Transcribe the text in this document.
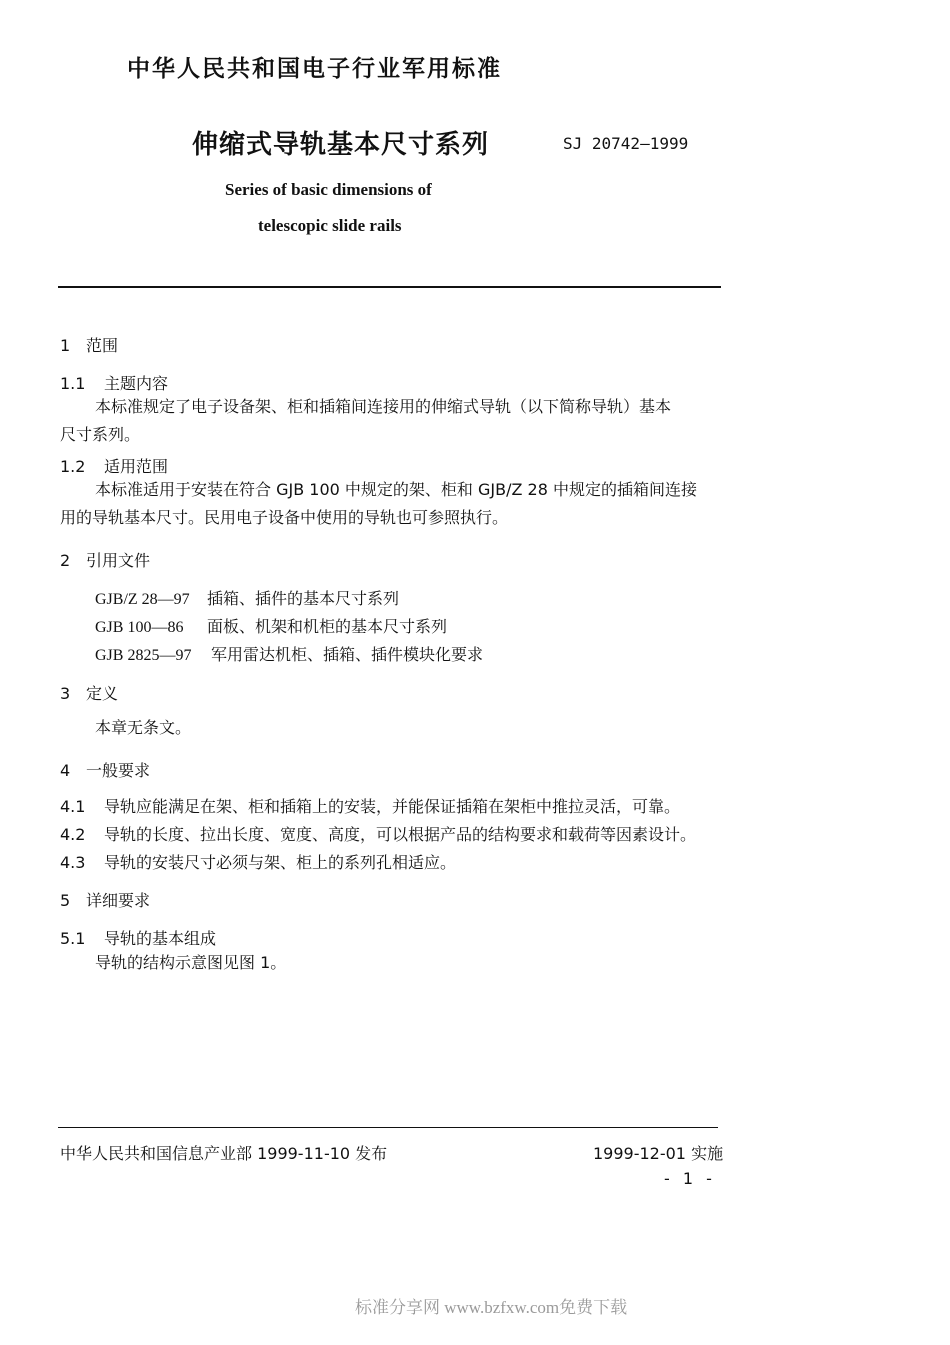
中华人民共和国电子行业军用标准
伸缩式导轨基本尺寸系列	SJ 20742—1999
Series of basic dimensions of
telescopic slide rails
1 范围
1.1 主题内容
本标准规定了电子设备架、柜和插箱间连接用的伸缩式导轨（以下简称导轨）基本
尺寸系列。
1.2 适用范围
本标准适用于安装在符合 GJB 100 中规定的架、柜和 GJB/Z 28 中规定的插箱间连接
用的导轨基本尺寸。民用电子设备中使用的导轨也可参照执行。
2 引用文件
GJB/Z 28—97 插箱、插件的基本尺寸系列
GJB 100—86 面板、机架和机柜的基本尺寸系列
GJB 2825—97 军用雷达机柜、插箱、插件模块化要求
3 定义
本章无条文。
4 一般要求
4.1 导轨应能满足在架、柜和插箱上的安装，并能保证插箱在架柜中推拉灵活，可靠。
4.2 导轨的长度、拉出长度、宽度、高度，可以根据产品的结构要求和载荷等因素设计。
4.3 导轨的安装尺寸必须与架、柜上的系列孔相适应。
5 详细要求
5.1 导轨的基本组成
导轨的结构示意图见图 1。
中华人民共和国信息产业部 1999-11-10 发布	1999-12-01 实施
- 1 -
标准分享网 www.bzfxw.com免费下载
